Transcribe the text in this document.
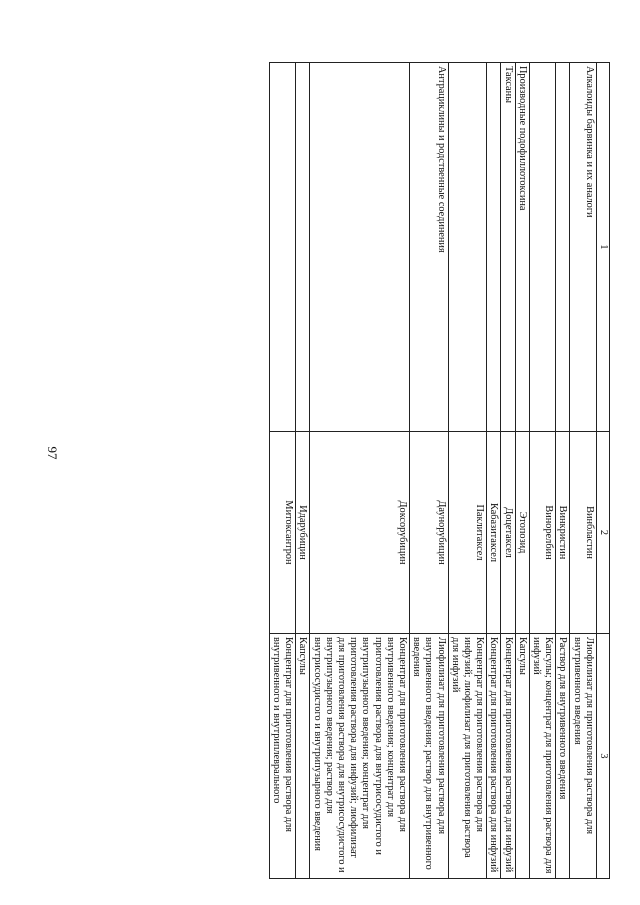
97
1	2	3
Алкалоиды барвинка и их аналоги	Винбластин	Лиофилизат для приготовления раствора для внутривенного введения
	Винкристин	Раствор для внутривенного введения
	Винорелбин	Капсулы; концентрат для приготовления раствора для инфузий
Производные подофиллотоксина	Этопозид	Капсулы
Таксаны	Доцетаксел	Концентрат для приготовления раствора для инфузий
	Кабазитаксел	Концентрат для приготовления раствора для инфузий
	Паклитаксел	Концентрат для приготовления раствора для инфузий; лиофилизат для приготовления раствора для инфузий
Антрациклины и родственные соединения	Даунорубицин	Лиофилизат для приготовления раствора для внутривенного введения; раствор для внутривенного введения
	Доксорубицин	Концентрат для приготовления раствора для внутривенного введения; концентрат для приготовления раствора для внутрисосудистого и внутрипузырного введения; концентрат для приготовления раствора для инфузий; лиофилизат для приготовления раствора для внутрисосудистого и внутрипузырного введения; раствор для внутрисосудистого и внутрипузырного введения
	Идарубицин	Капсулы
	Митоксантрон	Концентрат для приготовления раствора для внутривенного и внутриплеврального
